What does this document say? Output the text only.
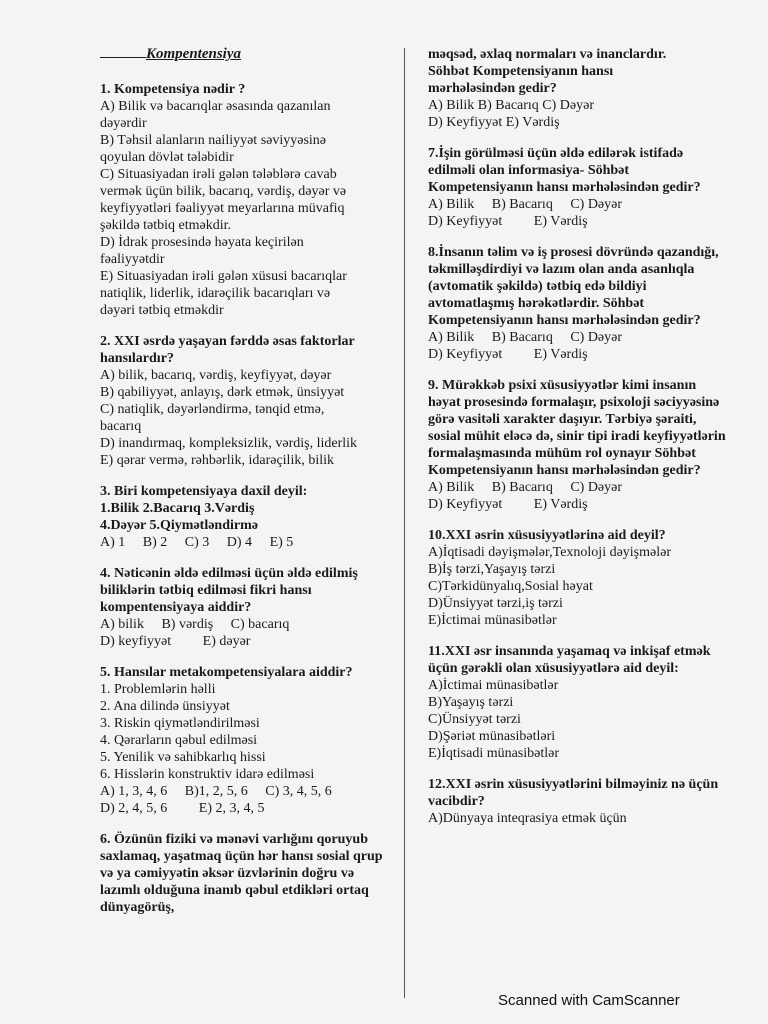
Kompentensiya

1. Kompetensiya nədir ?

A) Bilik və bacarıqlar əsasında qazanılan

dəyərdir

B) Təhsil alanların nailiyyət səviyyəsinə

qoyulan dövlət tələbidir

C) Situasiyadan irəli gələn tələblərə cavab

vermək üçün bilik, bacarıq, vərdiş, dəyər və

keyfiyyətləri fəaliyyət meyarlarına müvafiq

şəkildə tətbiq etməkdir.

D) İdrak prosesində həyata keçirilən

fəaliyyətdir

E) Situasiyadan irəli gələn xüsusi bacarıqlar

natiqlik, liderlik, idarəçilik bacarıqları və

dəyəri tətbiq etməkdir

2. XXI əsrdə yaşayan fərddə əsas faktorlar hansılardır?

A) bilik, bacarıq, vərdiş, keyfiyyət, dəyər

B) qabiliyyət, anlayış, dərk etmək, ünsiyyət

C) natiqlik, dəyərləndirmə, tənqid etmə,

bacarıq

D) inandırmaq, kompleksizlik, vərdiş, liderlik

E) qərar vermə, rəhbərlik, idarəçilik, bilik

3. Biri kompetensiyaya daxil deyil:

1.Bilik 2.Bacarıq 3.Vərdiş

4.Dəyər 5.Qiymətləndirmə

A) 1 B) 2 C) 3 D) 4 E) 5

4. Nəticənin əldə edilməsi üçün əldə edilmiş biliklərin tətbiq edilməsi fikri hansı kompentensiyaya aiddir?

A) bilik B) vərdiş C) bacarıq

D) keyfiyyət E) dəyər

5. Hansılar metakompetensiyalara aiddir?

1. Problemlərin həlli

2. Ana dilində ünsiyyət

3. Riskin qiymətləndirilməsi

4. Qərarların qəbul edilməsi

5. Yenilik və sahibkarlıq hissi

6. Hisslərin konstruktiv idarə edilməsi

A) 1, 3, 4, 6 B)1, 2, 5, 6 C) 3, 4, 5, 6

D) 2, 4, 5, 6 E) 2, 3, 4, 5

6. Özünün fiziki və mənəvi varlığını qoruyub saxlamaq, yaşatmaq üçün hər hansı sosial qrup və ya cəmiyyətin əksər üzvlərinin doğru və lazımlı olduğuna inanıb qəbul etdikləri ortaq dünyagörüş,

məqsəd, əxlaq normaları və inanclardır.

Söhbət Kompetensiyanın hansı

mərhələsindən gedir?

A) Bilik B) Bacarıq C) Dəyər

D) Keyfiyyət E) Vərdiş

7.İşin görülməsi üçün əldə edilərək istifadə edilməli olan informasiya- Söhbət Kompetensiyanın hansı mərhələsindən gedir?

A) Bilik B) Bacarıq C) Dəyər

D) Keyfiyyət E) Vərdiş

8.İnsanın təlim və iş prosesi dövründə qazandığı, təkmilləşdirdiyi və lazım olan anda asanlıqla (avtomatik şəkildə) tətbiq edə bildiyi avtomatlaşmış hərəkətlərdir. Söhbət Kompetensiyanın hansı mərhələsindən gedir?

A) Bilik B) Bacarıq C) Dəyər

D) Keyfiyyət E) Vərdiş

9. Mürəkkəb psixi xüsusiyyətlər kimi insanın həyat prosesində formalaşır, psixoloji səciyyəsinə görə vasitəli xarakter daşıyır. Tərbiyə şəraiti, sosial mühit eləcə də, sinir tipi iradi keyfiyyətlərin formalaşmasında mühüm rol oynayır Söhbət Kompetensiyanın hansı mərhələsindən gedir?

A) Bilik B) Bacarıq C) Dəyər

D) Keyfiyyət E) Vərdiş

10.XXI əsrin xüsusiyyətlərinə aid deyil?

A)İqtisadi dəyişmələr,Texnoloji dəyişmələr

B)İş tərzi,Yaşayış tərzi

C)Tərkidünyalıq,Sosial həyat

D)Ünsiyyət tərzi,iş tərzi

E)İctimai münasibətlər

11.XXI əsr insanında yaşamaq və inkişaf etmək üçün gərəkli olan xüsusiyyətlərə aid deyil:

A)İctimai münasibətlər

B)Yaşayış tərzi

C)Ünsiyyət tərzi

D)Şəriət münasibətləri

E)İqtisadi münasibətlər

12.XXI əsrin xüsusiyyətlərini bilməyiniz nə üçün vacibdir?

A)Dünyaya inteqrasiya etmək üçün

Scanned with CamScanner
